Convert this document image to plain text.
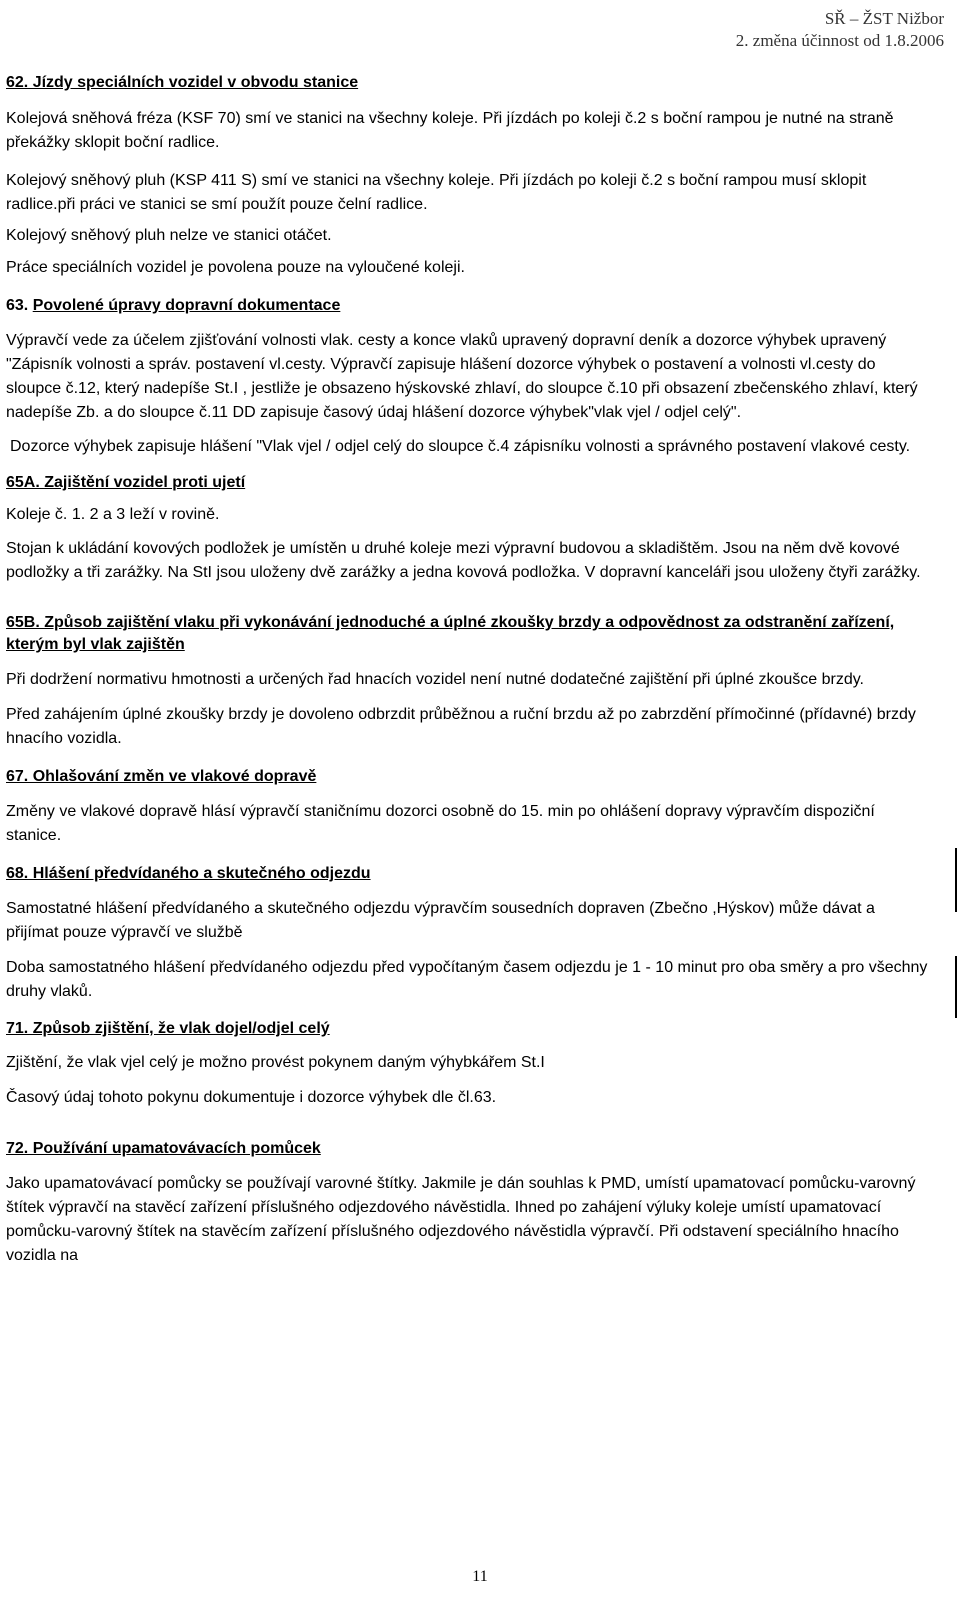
SŘ – ŽST Nižbor
2. změna účinnost od 1.8.2006
62. Jízdy speciálních vozidel v obvodu stanice

Kolejová sněhová fréza (KSF 70) smí ve stanici na všechny koleje. Při jízdách po koleji č.2 s boční rampou je nutné na straně překážky sklopit boční radlice.

Kolejový sněhový pluh (KSP 411 S) smí ve stanici na všechny koleje. Při jízdách po koleji č.2 s boční rampou musí sklopit radlice.při práci ve stanici se smí použít pouze čelní radlice.

Kolejový sněhový pluh nelze ve stanici otáčet.

Práce speciálních vozidel je povolena pouze na vyloučené koleji.

63. Povolené úpravy dopravní dokumentace

Výpravčí vede za účelem zjišťování volnosti vlak. cesty a konce vlaků upravený dopravní deník a dozorce výhybek upravený "Zápisník volnosti a správ. postavení vl.cesty. Výpravčí zapisuje hlášení dozorce výhybek o postavení a volnosti vl.cesty do sloupce č.12, který nadepíše St.I , jestliže je obsazeno hýskovské zhlaví, do sloupce č.10 při obsazení zbečenského zhlaví, který nadepíše Zb. a do sloupce č.11 DD zapisuje časový údaj hlášení dozorce výhybek"vlak vjel / odjel celý".

Dozorce výhybek zapisuje hlášení "Vlak vjel / odjel celý do sloupce č.4 zápisníku volnosti a správného postavení vlakové cesty.

65A. Zajištění vozidel proti ujetí

Koleje č. 1. 2 a 3 leží v rovině.

Stojan k ukládání kovových podložek je umístěn u druhé koleje mezi výpravní budovou a skladištěm. Jsou na něm dvě kovové podložky a tři zarážky. Na StI jsou uloženy dvě zarážky a jedna kovová podložka. V dopravní kanceláři jsou uloženy čtyři zarážky.

65B. Způsob zajištění vlaku při vykonávání jednoduché a úplné zkoušky brzdy a odpovědnost za odstranění zařízení, kterým byl vlak zajištěn

Při dodržení normativu hmotnosti a určených řad hnacích vozidel není nutné dodatečné zajištění při úplné zkoušce brzdy.

Před zahájením úplné zkoušky brzdy je dovoleno odbrzdit průběžnou a ruční brzdu až po zabrzdění přímočinné (přídavné) brzdy hnacího vozidla.

67. Ohlašování změn ve vlakové dopravě

Změny ve vlakové dopravě hlásí výpravčí staničnímu dozorci osobně do 15. min po ohlášení dopravy výpravčím dispoziční stanice.

68. Hlášení předvídaného a skutečného odjezdu

Samostatné hlášení předvídaného a skutečného odjezdu výpravčím sousedních dopraven (Zbečno ,Hýskov) může dávat a přijímat pouze výpravčí ve službě

Doba samostatného hlášení předvídaného odjezdu před vypočítaným časem odjezdu je 1 - 10 minut pro oba směry a pro všechny druhy vlaků.

71. Způsob zjištění, že vlak dojel/odjel celý

Zjištění, že vlak vjel celý je možno provést pokynem daným výhybkářem St.I

Časový údaj tohoto pokynu dokumentuje i dozorce výhybek dle čl.63.

72. Používání upamatovávacích pomůcek

Jako upamatovávací pomůcky se používají varovné štítky. Jakmile je dán souhlas k PMD, umístí upamatovací pomůcku-varovný štítek výpravčí na stavěcí zařízení příslušného odjezdového návěstidla. Ihned po zahájení výluky koleje umístí upamatovací pomůcku-varovný štítek na stavěcím zařízení příslušného odjezdového návěstidla výpravčí. Při odstavení speciálního hnacího vozidla na

11
